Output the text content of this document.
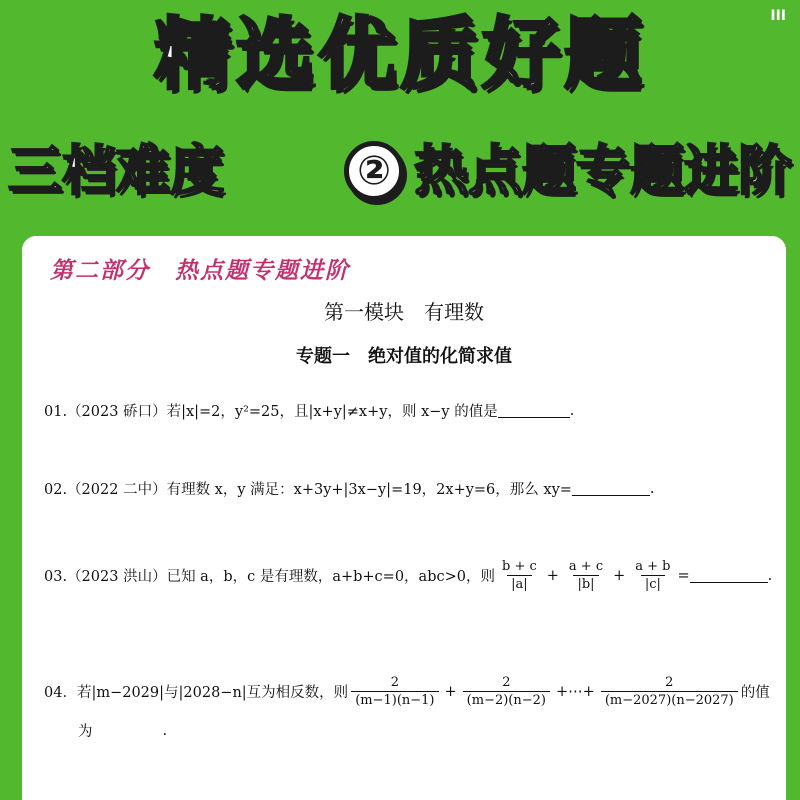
ΙΙΙ
精选优质好题
三档难度	② 热点题专题进阶
第二部分　热点题专题进阶
第一模块　有理数
专题一　绝对值的化简求值
01.（2023 硚口）若|x|=2，y²=25，且|x+y|≠x+y，则 x−y 的值是	.
02.（2022 二中）有理数 x，y 满足：x+3y+|3x−y|=19，2x+y=6，那么 xy=	.
03.（2023 洪山）已知 a，b，c 是有理数，a+b+c=0，abc>0，则 $\frac{b + c}{|a|} + \frac{a + c}{|b|} + \frac{a + b}{|c|}$ =	.
04．若|m−2029|与|2028−n|互为相反数，则 $\frac{2}{(m-1)(n-1)} + \frac{2}{(m-2)(n-2)}$ +⋯+ $\frac{2}{(m-2027)(n-2027)}$ 的值
为	.
